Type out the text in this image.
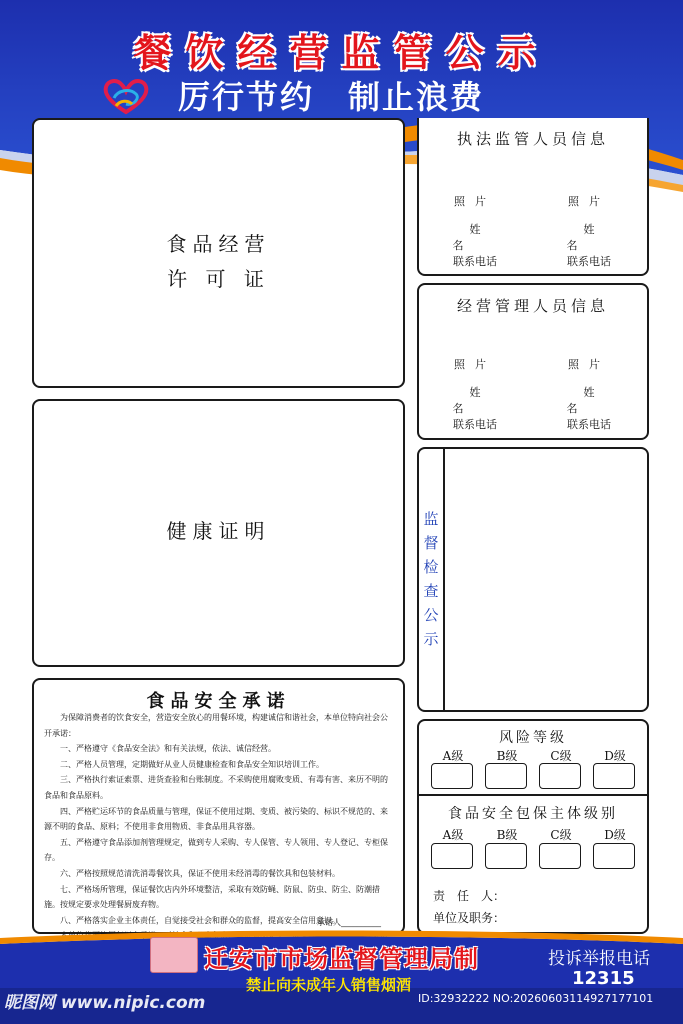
餐饮经营监管公示
厉行节约　制止浪费
食品经营
许 可 证
健康证明
执法监管人员信息
照片
姓名
联系电话
照片
姓名
联系电话
经营管理人员信息
照片
姓名
联系电话
照片
姓名
联系电话
监
督
检
查
公
示
食品安全承诺

为保障消费者的饮食安全，营造安全放心的用餐环境，构建诚信和谐社会，本单位特向社会公开承诺：

一、严格遵守《食品安全法》和有关法规，依法、诚信经营。

二、严格人员管理，定期做好从业人员健康检查和食品安全知识培训工作。

三、严格执行索证索票、进货查验和台账制度。不采购使用腐败变质、有毒有害、来历不明的食品和食品原料。

四、严格贮运环节的食品质量与管理，保证不使用过期、变质、被污染的、标识不规范的、来源不明的食品、原料；不使用非食用物质、非食品用具容器。

五、严格遵守食品添加剂管理规定，做到专人采购、专人保管、专人领用、专人登记、专柜保存。

六、严格按照规范清洗消毒餐饮具，保证不使用未经消毒的餐饮具和包装材料。

七、严格场所管理，保证餐饮店内外环境整洁，采取有效防蝇、防鼠、防虫、防尘、防潮措施。按规定要求处理餐厨废弃物。

八、严格落实企业主体责任，自觉接受社会和群众的监督，提高安全信用意识。

承诺人__________
风险等级
A级	B级	C级	D级
食品安全包保主体级别
A级	B级	C级	D级
责　任　人：
单位及职务：
迁安市市场监督管理局制
禁止向未成年人销售烟酒
投诉举报电话
12315
昵图网 www.nipic.com	ID:32932222 NO:20260603114927177101
